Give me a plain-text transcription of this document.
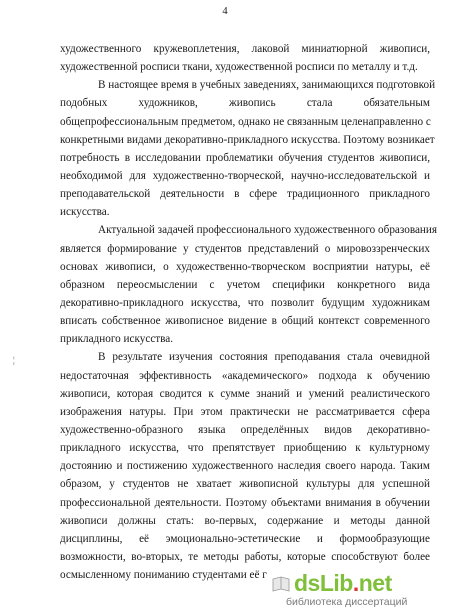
4
художественного кружевоплетения, лаковой миниатюрной живописи,
художественной росписи ткани, художественной росписи по металлу и т.д.
В настоящее время в учебных заведениях, занимающихся подготовкой
подобных художников, живопись стала обязательным
общепрофессиональным предметом, однако не связанным целенаправленно с
конкретными видами декоративно-прикладного искусства. Поэтому возникает
потребность в исследовании проблематики обучения студентов живописи,
необходимой для художественно-творческой, научно-исследовательской и
преподавательской деятельности в сфере традиционного прикладного
искусства.
Актуальной задачей профессионального художественного образования
является формирование у студентов представлений о мировоззренческих
основах живописи, о художественно-творческом восприятии натуры, её
образном переосмыслении с учетом специфики конкретного вида
декоративно-прикладного искусства, что позволит будущим художникам
вписать собственное живописное видение в общий контекст современного
прикладного искусства.
В результате изучения состояния преподавания стала очевидной
недостаточная эффективность «академического» подхода к обучению
живописи, которая сводится к сумме знаний и умений реалистического
изображения натуры. При этом практически не рассматривается сфера
художественно-образного языка определённых видов декоративно-
прикладного искусства, что препятствует приобщению к культурному
достоянию и постижению художественного наследия своего народа. Таким
образом, у студентов не хватает живописной культуры для успешной
профессиональной деятельности. Поэтому объектами внимания в обучении
живописи должны стать: во-первых, содержание и методы данной
дисциплины, её эмоционально-эстетические и формообразующие
возможности, во-вторых, те методы работы, которые способствуют более
осмысленному пониманию студентами её г
¦
dsLib.net
библиотека диссертаций
